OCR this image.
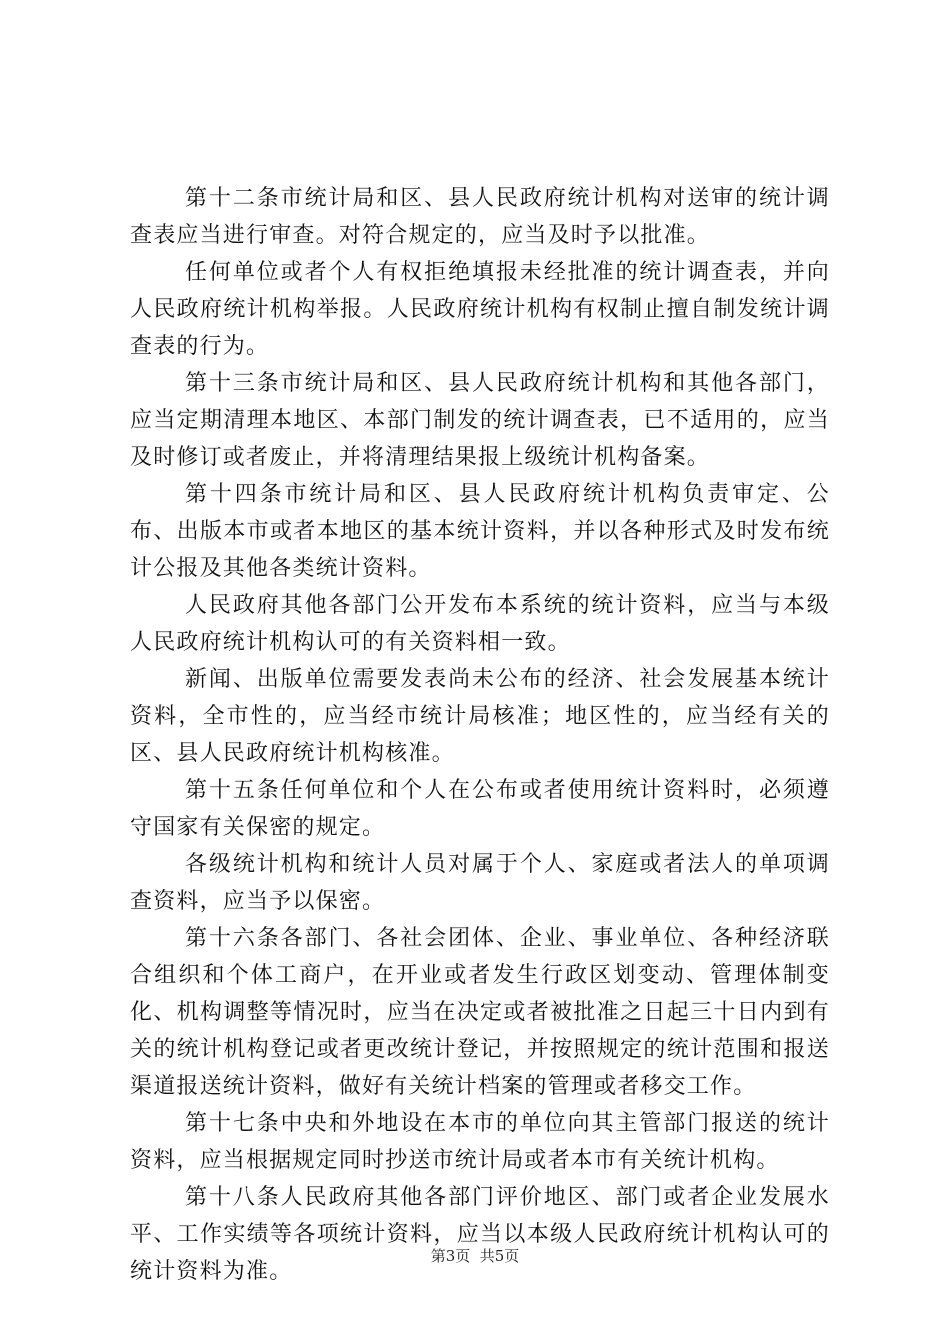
第十二条市统计局和区、县人民政府统计机构对送审的统计调查表应当进行审查。对符合规定的，应当及时予以批准。

任何单位或者个人有权拒绝填报未经批准的统计调查表，并向人民政府统计机构举报。人民政府统计机构有权制止擅自制发统计调查表的行为。

第十三条市统计局和区、县人民政府统计机构和其他各部门，应当定期清理本地区、本部门制发的统计调查表，已不适用的，应当及时修订或者废止，并将清理结果报上级统计机构备案。

第十四条市统计局和区、县人民政府统计机构负责审定、公布、出版本市或者本地区的基本统计资料，并以各种形式及时发布统计公报及其他各类统计资料。

人民政府其他各部门公开发布本系统的统计资料，应当与本级人民政府统计机构认可的有关资料相一致。

新闻、出版单位需要发表尚未公布的经济、社会发展基本统计资料，全市性的，应当经市统计局核准；地区性的，应当经有关的区、县人民政府统计机构核准。

第十五条任何单位和个人在公布或者使用统计资料时，必须遵守国家有关保密的规定。

各级统计机构和统计人员对属于个人、家庭或者法人的单项调查资料，应当予以保密。

第十六条各部门、各社会团体、企业、事业单位、各种经济联合组织和个体工商户，在开业或者发生行政区划变动、管理体制变化、机构调整等情况时，应当在决定或者被批准之日起三十日内到有关的统计机构登记或者更改统计登记，并按照规定的统计范围和报送渠道报送统计资料，做好有关统计档案的管理或者移交工作。

第十七条中央和外地设在本市的单位向其主管部门报送的统计资料，应当根据规定同时抄送市统计局或者本市有关统计机构。

第十八条人民政府其他各部门评价地区、部门或者企业发展水平、工作实绩等各项统计资料，应当以本级人民政府统计机构认可的统计资料为准。

第3页  共5页
